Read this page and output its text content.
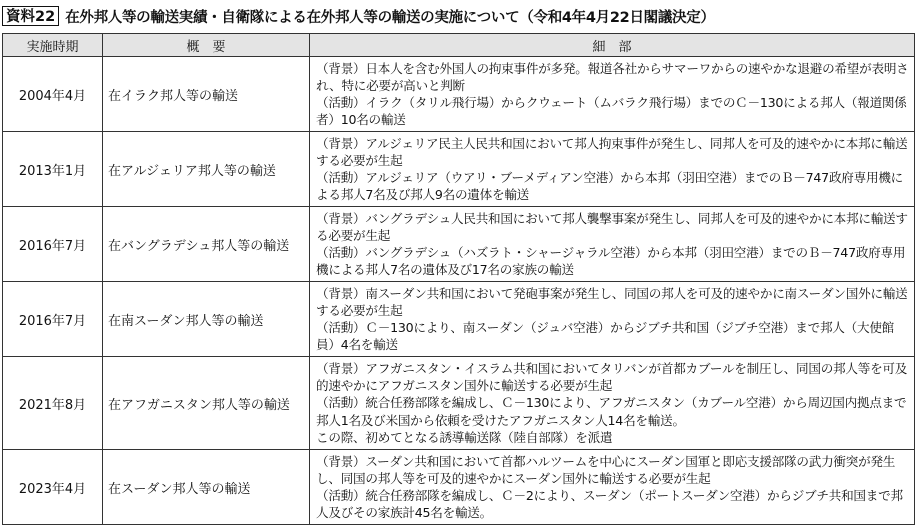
資料22 在外邦人等の輸送実績・自衛隊による在外邦人等の輸送の実施について（令和4年4月22日閣議決定）
実施時期	概　要	細　部
2004年4月	在イラク邦人等の輸送	（背景）日本人を含む外国人の拘束事件が多発。報道各社からサマーワからの速やかな退避の希望が表明され、特に必要が高いと判断
（活動）イラク（タリル飛行場）からクウェート（ムバラク飛行場）までのＣ－130による邦人（報道関係者）10名の輸送

2013年1月	在アルジェリア邦人等の輸送	（背景）アルジェリア民主人民共和国において邦人拘束事件が発生し、同邦人を可及的速やかに本邦に輸送する必要が生起
（活動）アルジェリア（ウアリ・ブーメディアン空港）から本邦（羽田空港）までのＢ－747政府専用機による邦人7名及び邦人9名の遺体を輸送

2016年7月	在バングラデシュ邦人等の輸送	（背景）バングラデシュ人民共和国において邦人襲撃事案が発生し、同邦人を可及的速やかに本邦に輸送する必要が生起
（活動）バングラデシュ（ハズラト・シャージャラル空港）から本邦（羽田空港）までのＢ－747政府専用機による邦人7名の遺体及び17名の家族の輸送

2016年7月	在南スーダン邦人等の輸送	（背景）南スーダン共和国において発砲事案が発生し、同国の邦人を可及的速やかに南スーダン国外に輸送する必要が生起
（活動）Ｃ－130により、南スーダン（ジュバ空港）からジブチ共和国（ジブチ空港）まで邦人（大使館員）4名を輸送

2021年8月	在アフガニスタン邦人等の輸送	（背景）アフガニスタン・イスラム共和国においてタリバンが首都カブールを制圧し、同国の邦人等を可及的速やかにアフガニスタン国外に輸送する必要が生起
（活動）統合任務部隊を編成し、Ｃ－130により、アフガニスタン（カブール空港）から周辺国内拠点まで邦人1名及び米国から依頼を受けたアフガニスタン人14名を輸送。
この際、初めてとなる誘導輸送隊（陸自部隊）を派遣

2023年4月	在スーダン邦人等の輸送	（背景）スーダン共和国において首都ハルツームを中心にスーダン国軍と即応支援部隊の武力衝突が発生し、同国の邦人等を可及的速やかにスーダン国外に輸送する必要が生起
（活動）統合任務部隊を編成し、Ｃ－2により、スーダン（ポートスーダン空港）からジブチ共和国まで邦人及びその家族計45名を輸送。
